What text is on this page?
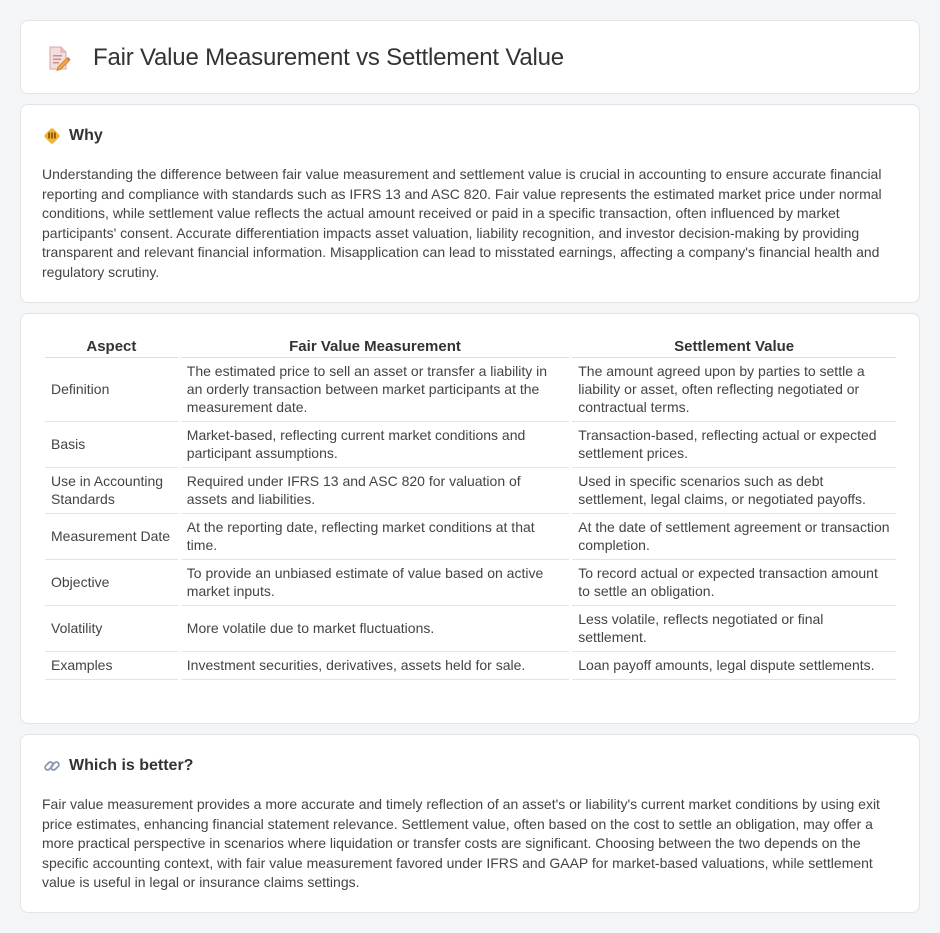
Fair Value Measurement vs Settlement Value
Why

Understanding the difference between fair value measurement and settlement value is crucial in accounting to ensure accurate financial reporting and compliance with standards such as IFRS 13 and ASC 820. Fair value represents the estimated market price under normal conditions, while settlement value reflects the actual amount received or paid in a specific transaction, often influenced by market participants' consent. Accurate differentiation impacts asset valuation, liability recognition, and investor decision-making by providing transparent and relevant financial information. Misapplication can lead to misstated earnings, affecting a company's financial health and regulatory scrutiny.

Aspect	Fair Value Measurement	Settlement Value
Definition	The estimated price to sell an asset or transfer a liability in an orderly transaction between market participants at the measurement date.	The amount agreed upon by parties to settle a liability or asset, often reflecting negotiated or contractual terms.
Basis	Market-based, reflecting current market conditions and participant assumptions.	Transaction-based, reflecting actual or expected settlement prices.
Use in Accounting Standards	Required under IFRS 13 and ASC 820 for valuation of assets and liabilities.	Used in specific scenarios such as debt settlement, legal claims, or negotiated payoffs.
Measurement Date	At the reporting date, reflecting market conditions at that time.	At the date of settlement agreement or transaction completion.
Objective	To provide an unbiased estimate of value based on active market inputs.	To record actual or expected transaction amount to settle an obligation.
Volatility	More volatile due to market fluctuations.	Less volatile, reflects negotiated or final settlement.
Examples	Investment securities, derivatives, assets held for sale.	Loan payoff amounts, legal dispute settlements.
Which is better?

Fair value measurement provides a more accurate and timely reflection of an asset's or liability's current market conditions by using exit price estimates, enhancing financial statement relevance. Settlement value, often based on the cost to settle an obligation, may offer a more practical perspective in scenarios where liquidation or transfer costs are significant. Choosing between the two depends on the specific accounting context, with fair value measurement favored under IFRS and GAAP for market-based valuations, while settlement value is useful in legal or insurance claims settings.
